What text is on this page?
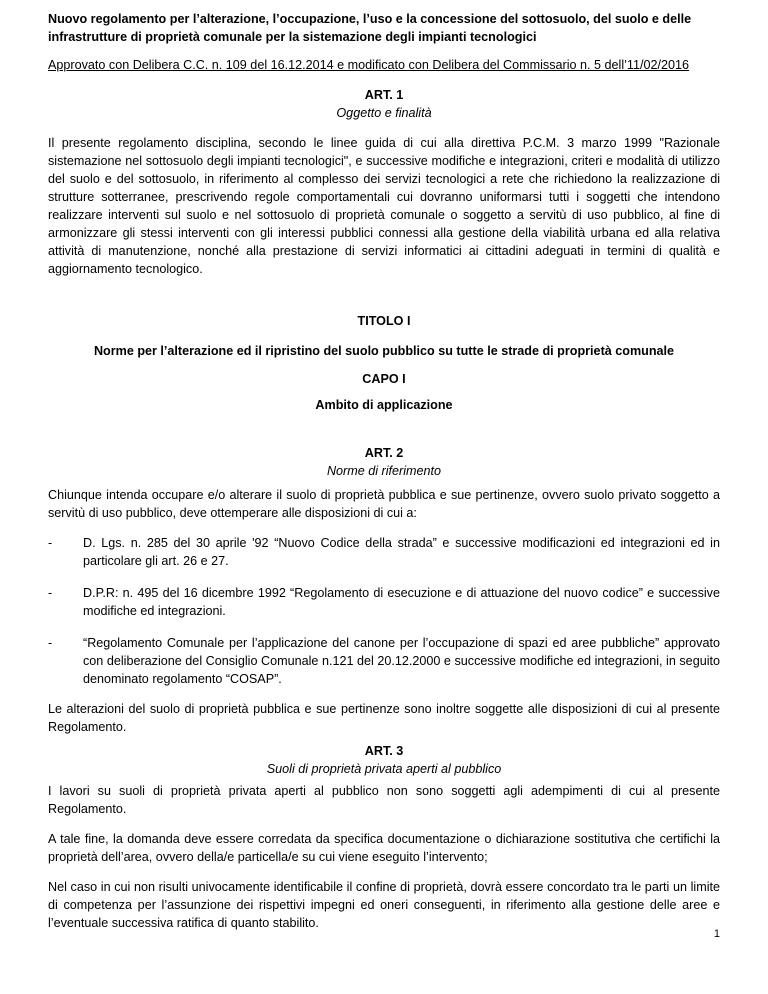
Nuovo regolamento per l’alterazione, l’occupazione, l’uso e la concessione del sottosuolo, del suolo e delle infrastrutture di proprietà comunale per la sistemazione degli impianti tecnologici

Approvato con Delibera C.C. n. 109 del 16.12.2014 e modificato con Delibera del Commissario n. 5 dell’11/02/2016

ART. 1

Oggetto e finalità

Il presente regolamento disciplina, secondo le linee guida di cui alla direttiva P.C.M. 3 marzo 1999 "Razionale sistemazione nel sottosuolo degli impianti tecnologici", e successive modifiche e integrazioni, criteri e modalità di utilizzo del suolo e del sottosuolo, in riferimento al complesso dei servizi tecnologici a rete che richiedono la realizzazione di strutture sotterranee, prescrivendo regole comportamentali cui dovranno uniformarsi tutti i soggetti che intendono realizzare interventi sul suolo e nel sottosuolo di proprietà comunale o soggetto a servitù di uso pubblico, al fine di armonizzare gli stessi interventi con gli interessi pubblici connessi alla gestione della viabilità urbana ed alla relativa attività di manutenzione, nonché alla prestazione di servizi informatici ai cittadini adeguati in termini di qualità e aggiornamento tecnologico.

TITOLO I

Norme per l’alterazione ed il ripristino del suolo pubblico su tutte le strade di proprietà comunale

CAPO I

Ambito di applicazione

ART. 2

Norme di riferimento

Chiunque intenda occupare e/o alterare il suolo di proprietà pubblica e sue pertinenze, ovvero suolo privato soggetto a servitù di uso pubblico, deve ottemperare alle disposizioni di cui a:

- D. Lgs. n. 285 del 30 aprile '92 “Nuovo Codice della strada” e successive modificazioni ed integrazioni ed in particolare gli art. 26 e 27.
- D.P.R: n. 495 del 16 dicembre 1992 “Regolamento di esecuzione e di attuazione del nuovo codice” e successive modifiche ed integrazioni.
- “Regolamento Comunale per l’applicazione del canone per l’occupazione di spazi ed aree pubbliche” approvato con deliberazione del Consiglio Comunale n.121 del 20.12.2000 e successive modifiche ed integrazioni, in seguito denominato regolamento “COSAP”.

Le alterazioni del suolo di proprietà pubblica e sue pertinenze sono inoltre soggette alle disposizioni di cui al presente Regolamento.

ART. 3

Suoli di proprietà privata aperti al pubblico

I lavori su suoli di proprietà privata aperti al pubblico non sono soggetti agli adempimenti di cui al presente Regolamento.

A tale fine, la domanda deve essere corredata da specifica documentazione o dichiarazione sostitutiva che certifichi la proprietà dell’area, ovvero della/e particella/e su cui viene eseguito l’intervento;

Nel caso in cui non risulti univocamente identificabile il confine di proprietà, dovrà essere concordato tra le parti un limite di competenza per l’assunzione dei rispettivi impegni ed oneri conseguenti, in riferimento alla gestione delle aree e l’eventuale successiva ratifica di quanto stabilito.

1
